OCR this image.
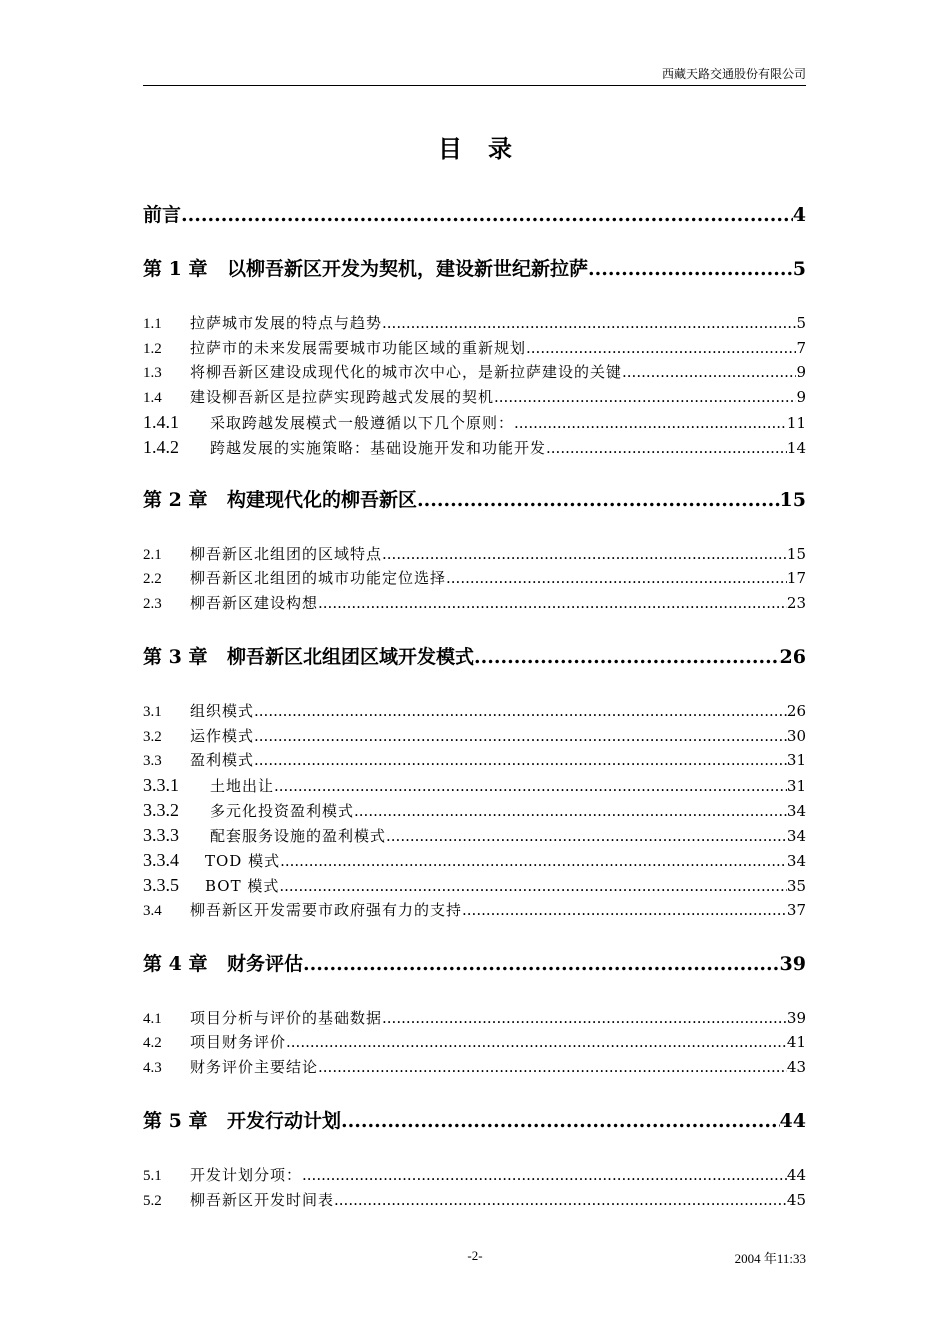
西藏天路交通股份有限公司
目录
前言 .....	4
第 1 章	以柳吾新区开发为契机，建设新世纪新拉萨 .....	5
1.1	拉萨城市发展的特点与趋势 .....	5
1.2	拉萨市的未来发展需要城市功能区域的重新规划 .....	7
1.3	将柳吾新区建设成现代化的城市次中心，是新拉萨建设的关键 .....	9
1.4	建设柳吾新区是拉萨实现跨越式发展的契机 .....	9
1.4.1	采取跨越发展模式一般遵循以下几个原则： .....	11
1.4.2	跨越发展的实施策略：基础设施开发和功能开发 .....	14
第 2 章	构建现代化的柳吾新区 .....	15
2.1	柳吾新区北组团的区域特点 .....	15
2.2	柳吾新区北组团的城市功能定位选择 .....	17
2.3	柳吾新区建设构想 .....	23
第 3 章	柳吾新区北组团区域开发模式 .....	26
3.1	组织模式 .....	26
3.2	运作模式 .....	30
3.3	盈利模式 .....	31
3.3.1	土地出让 .....	31
3.3.2	多元化投资盈利模式 .....	34
3.3.3	配套服务设施的盈利模式 .....	34
3.3.4	TOD 模式 .....	34
3.3.5	BOT 模式 .....	35
3.4	柳吾新区开发需要市政府强有力的支持 .....	37
第 4 章	财务评估 .....	39
4.1	项目分析与评价的基础数据 .....	39
4.2	项目财务评价 .....	41
4.3	财务评价主要结论 .....	43
第 5 章	开发行动计划 .....	44
5.1	开发计划分项： .....	44
5.2	柳吾新区开发时间表 .....	45
-2-	2004 年11:33
